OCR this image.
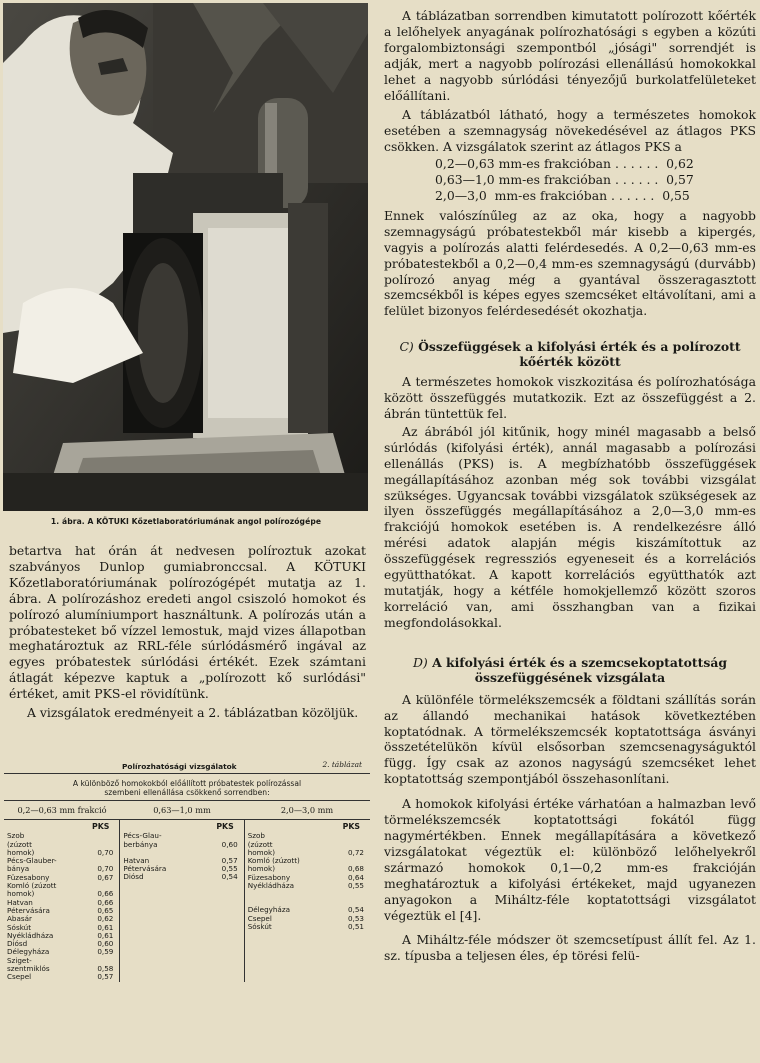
1. ábra. A KÖTUKI Kőzetlaboratóriumának angol polírozógépe

betartva hat órán át nedvesen políroztuk azokat szabványos Dunlop gumiabronccsal. A KÖTUKI Kőzetlaboratóriumának polírozógépét mutatja az 1. ábra. A polírozáshoz eredeti angol csiszoló homokot és polírozó alumíniumport használtunk. A polírozás után a próbatesteket bő vízzel lemostuk, majd vizes állapotban meghatároztuk az RRL-féle súrlódásmérő ingával az egyes próbatestek súrlódási értékét. Ezek számtani átlagát képezve kaptuk a „polírozott kő surlódási" értéket, amit PKS-el rövidítünk.

A vizsgálatok eredményeit a 2. táblázatban közöljük.

Polírozhatósági vizsgálatok	2. táblázat
A különböző homokokból előállított próbatestek polírozással
szembeni ellenállása csökkenő sorrendben:
0,2—0,63 mm frakció	0,63—1,0 mm	2,0—3,0 mm
PKS
Szob
(zúzott
homok)	0,70
Pécs-Glauber-
bánya	0,70
Füzesabony	0,67
Komló (zúzott
homok)	0,66
Hatvan	0,66
Pétervására	0,65
Abasár	0,62
Sóskút	0,61
Nyékládháza	0,61
Diósd	0,60
Délegyháza	0,59
Sziget-
szentmiklós	0,58
Csepel	0,57
PKS
Pécs-Glau-
berbánya	0,60
Hatvan	0,57
Pétervására	0,55
Diósd	0,54
PKS
Szob
(zúzott
homok)	0,72
Komló (zúzott)
homok)	0,68
Füzesabony	0,64
Nyékládháza	0,55
Délegyháza	0,54
Csepel	0,53
Sóskút	0,51

A táblázatban sorrendben kimutatott polírozott kőérték a lelőhelyek anyagának polírozhatósági s egyben a közúti forgalombiztonsági szempontból „jósági" sorrendjét is adják, mert a nagyobb polírozási ellenállású homokokkal lehet a nagyobb súrlódási tényezőjű burkolatfelületeket előállítani.

A táblázatból látható, hogy a természetes homokok esetében a szemnagyság növekedésével az átlagos PKS csökken. A vizsgálatok szerint az átlagos PKS a

0,2—0,63 mm-es frakcióban . . . . . . 0,62
0,63—1,0 mm-es frakcióban . . . . . . 0,57
2,0—3,0  mm-es frakcióban . . . . . . 0,55

Ennek valószínűleg az az oka, hogy a nagyobb szemnagyságú próbatestekből már kisebb a kipergés, vagyis a polírozás alatti felérdesedés. A 0,2—0,63 mm-es próbatestekből a 0,2—0,4 mm-es szemnagyságú (durvább) polírozó anyag még a gyantával összeragasztott szemcsékből is képes egyes szemcséket eltávolítani, ami a felület bizonyos felérdesedését okozhatja.

C) Összefüggések a kifolyási érték és a polírozott
kőérték között

A természetes homokok viszkozitása és polírozhatósága között összefüggés mutatkozik. Ezt az összefüggést a 2. ábrán tüntettük fel.

Az ábrából jól kitűnik, hogy minél magasabb a belső súrlódás (kifolyási érték), annál magasabb a polírozási ellenállás (PKS) is. A megbízhatóbb összefüggések megállapításához azonban még sok további vizsgálat szükséges. Ugyancsak további vizsgálatok szükségesek az ilyen összefüggés megállapításához a 2,0—3,0 mm-es frakciójú homokok esetében is. A rendelkezésre álló mérési adatok alapján mégis kiszámítottuk az összefüggések regressziós egyeneseit és a korrelációs együtthatókat. A kapott korrelációs együtthatók azt mutatják, hogy a kétféle homokjellemző között szoros korreláció van, ami összhangban van a fizikai megfondolásokkal.

D) A kifolyási érték és a szemcsekoptatottság
összefüggésének vizsgálata

A különféle törmelékszemcsék a földtani szállítás során az állandó mechanikai hatások következtében koptatódnak. A törmelékszemcsék koptatottsága ásványi összetételükön kívül elsősorban szemcsenagyságuktól függ. Így csak az azonos nagyságú szemcséket lehet koptatottság szempontjából összehasonlítani.

A homokok kifolyási értéke várhatóan a halmazban levő törmelékszemcsék koptatottsági fokától függ nagymértékben. Ennek megállapítására a következő vizsgálatokat végeztük el: különböző lelőhelyekről származó homokok 0,1—0,2 mm-es frakcióján meghatároztuk a kifolyási értékeket, majd ugyanezen anyagokon a Miháltz-féle koptatottsági vizsgálatot végeztük el [4].

A Miháltz-féle módszer öt szemcsetípust állít fel. Az 1. sz. típusba a teljesen éles, ép törési felü-
